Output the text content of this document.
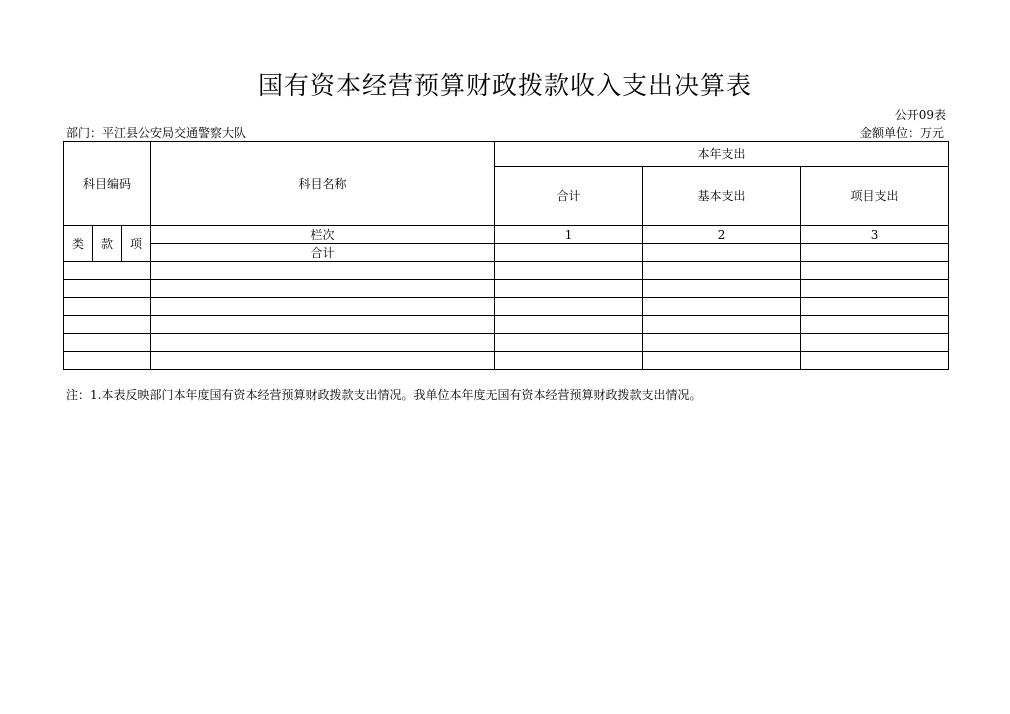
国有资本经营预算财政拨款收入支出决算表
公开09表
部门：平江县公安局交通警察大队	金额单位：万元
科目编码			科目名称	本年支出		
				合计	基本支出	项目支出
类	款	项	栏次	1	2	3
			合计			

注：1.本表反映部门本年度国有资本经营预算财政拨款支出情况。我单位本年度无国有资本经营预算财政拨款支出情况。
